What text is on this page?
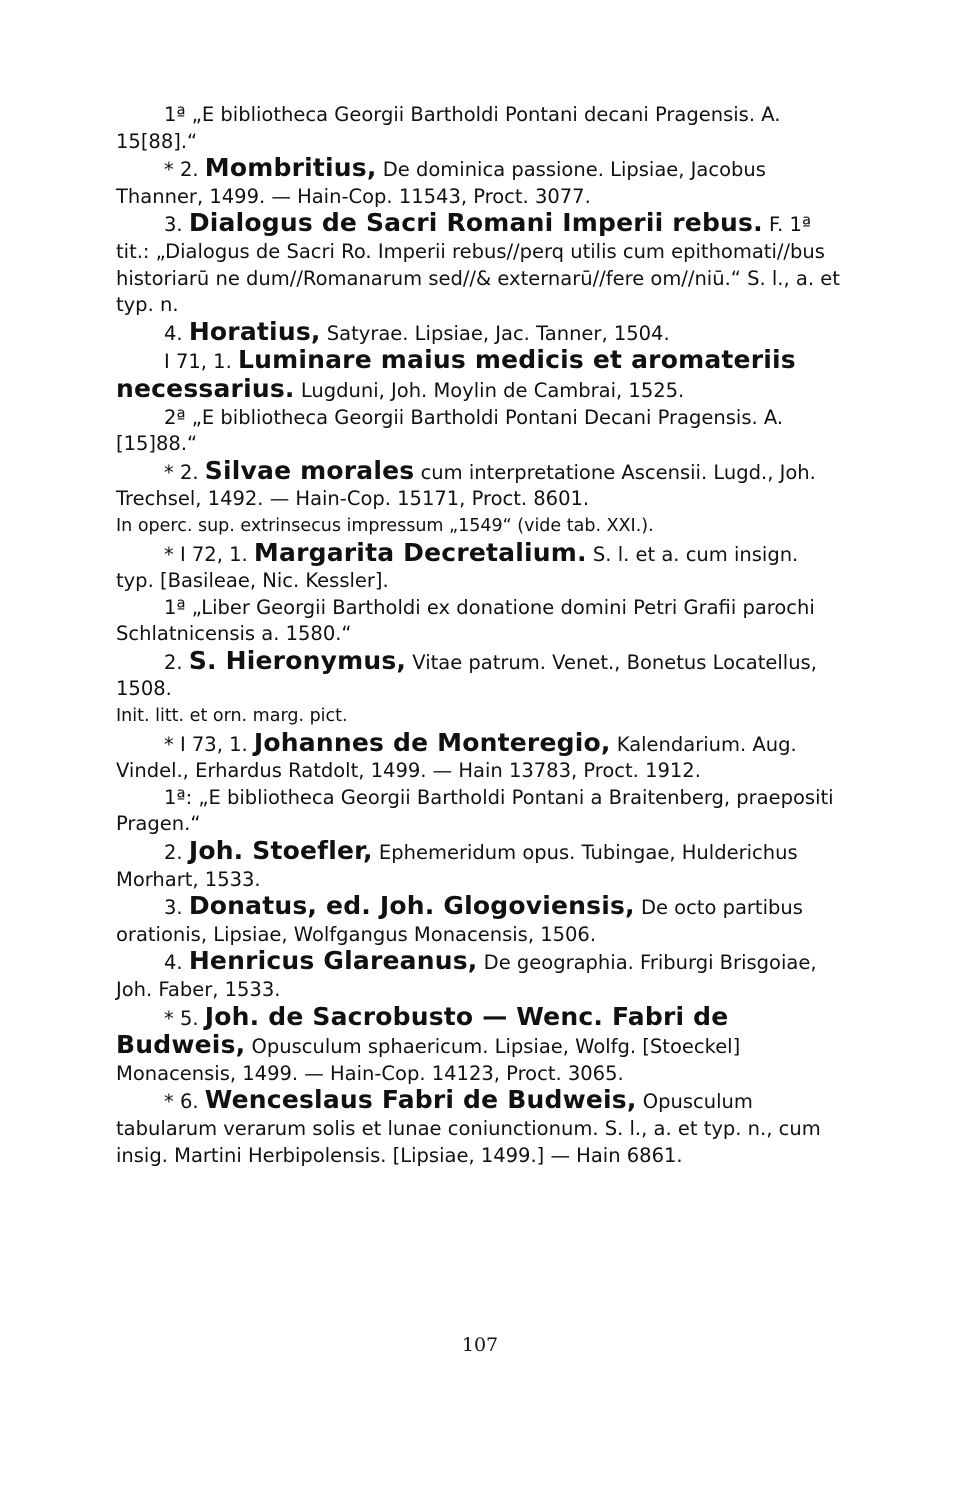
1ª „E bibliotheca Georgii Bartholdi Pontani decani Pragensis. A. 15[88].“

* 2. Mombritius, De dominica passione. Lipsiae, Jacobus Thanner, 1499. — Hain-Cop. 11543, Proct. 3077.

3. Dialogus de Sacri Romani Imperii rebus. F. 1ª tit.: „Dialogus de Sacri Ro. Imperii rebus//perq utilis cum epithomati//bus historiarū ne dum//Romanarum sed//& externarū//fere om//niū.“ S. l., a. et typ. n.

4. Horatius, Satyrae. Lipsiae, Jac. Tanner, 1504.

I 71, 1. Luminare maius medicis et aromateriis necessarius. Lugduni, Joh. Moylin de Cambrai, 1525.

2ª „E bibliotheca Georgii Bartholdi Pontani Decani Pragensis. A. [15]88.“

* 2. Silvae morales cum interpretatione Ascensii. Lugd., Joh. Trechsel, 1492. — Hain-Cop. 15171, Proct. 8601.

In operc. sup. extrinsecus impressum „1549“ (vide tab. XXI.).

* I 72, 1. Margarita Decretalium. S. l. et a. cum insign. typ. [Basileae, Nic. Kessler].

1ª „Liber Georgii Bartholdi ex donatione domini Petri Grafii parochi Schlatnicensis a. 1580.“

2. S. Hieronymus, Vitae patrum. Venet., Bonetus Locatellus, 1508.

Init. litt. et orn. marg. pict.

* I 73, 1. Johannes de Monteregio, Kalendarium. Aug. Vindel., Erhardus Ratdolt, 1499. — Hain 13783, Proct. 1912.

1ª: „E bibliotheca Georgii Bartholdi Pontani a Braitenberg, praepositi Pragen.“

2. Joh. Stoefler, Ephemeridum opus. Tubingae, Hulderichus Morhart, 1533.

3. Donatus, ed. Joh. Glogoviensis, De octo partibus orationis, Lipsiae, Wolfgangus Monacensis, 1506.

4. Henricus Glareanus, De geographia. Friburgi Brisgoiae, Joh. Faber, 1533.

* 5. Joh. de Sacrobusto — Wenc. Fabri de Budweis, Opusculum sphaericum. Lipsiae, Wolfg. [Stoeckel] Monacensis, 1499. — Hain-Cop. 14123, Proct. 3065.

* 6. Wenceslaus Fabri de Budweis, Opusculum tabularum verarum solis et lunae coniunctionum. S. l., a. et typ. n., cum insig. Martini Herbipolensis. [Lipsiae, 1499.] — Hain 6861.

107
